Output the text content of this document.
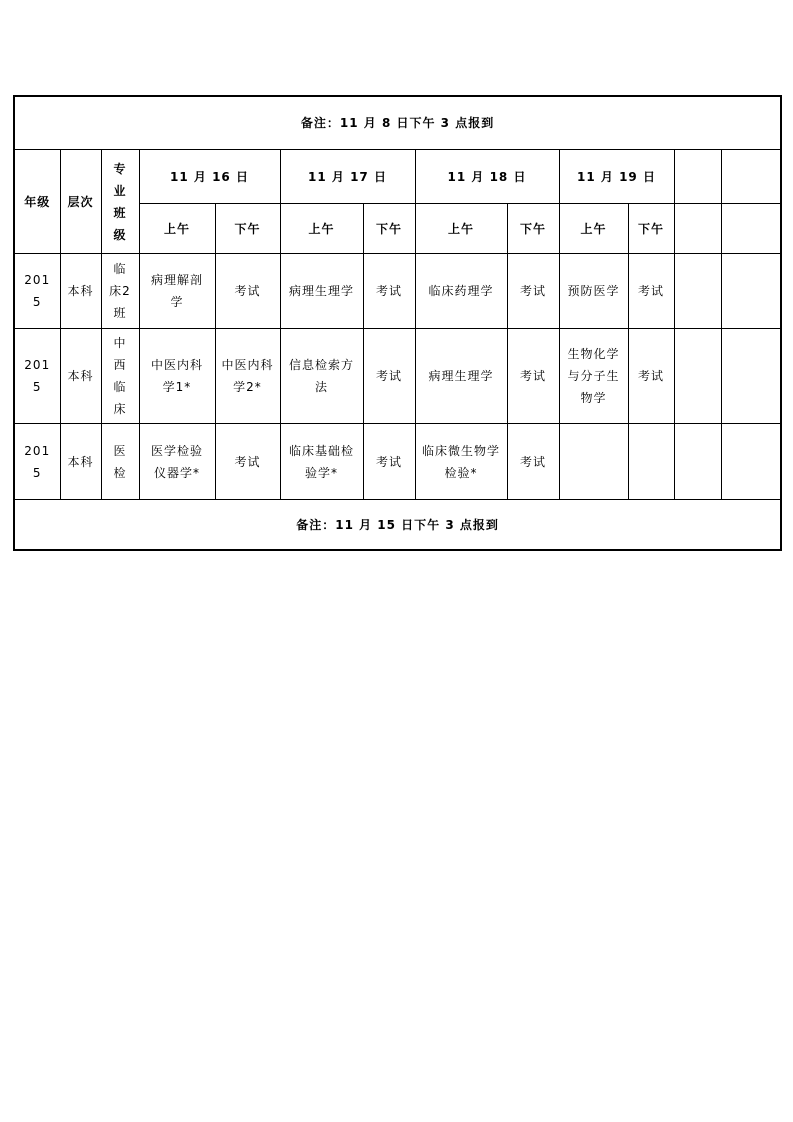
备注：11 月 8 日下午 3 点报到												
年级	层次	专业班级	11 月 16 日		11 月 17 日		11 月 18 日		11 月 19 日			
			上午	下午	上午	下午	上午	下午	上午	下午		
2015	本科	临床2班	病理解剖学	考试	病理生理学	考试	临床药理学	考试	预防医学	考试		
2015	本科	中西临床	中医内科学1*	中医内科学2*	信息检索方法	考试	病理生理学	考试	生物化学与分子生物学	考试		
2015	本科	医检	医学检验仪器学*	考试	临床基础检验学*	考试	临床微生物学检验*	考试				
备注：11 月 15 日下午 3 点报到												
